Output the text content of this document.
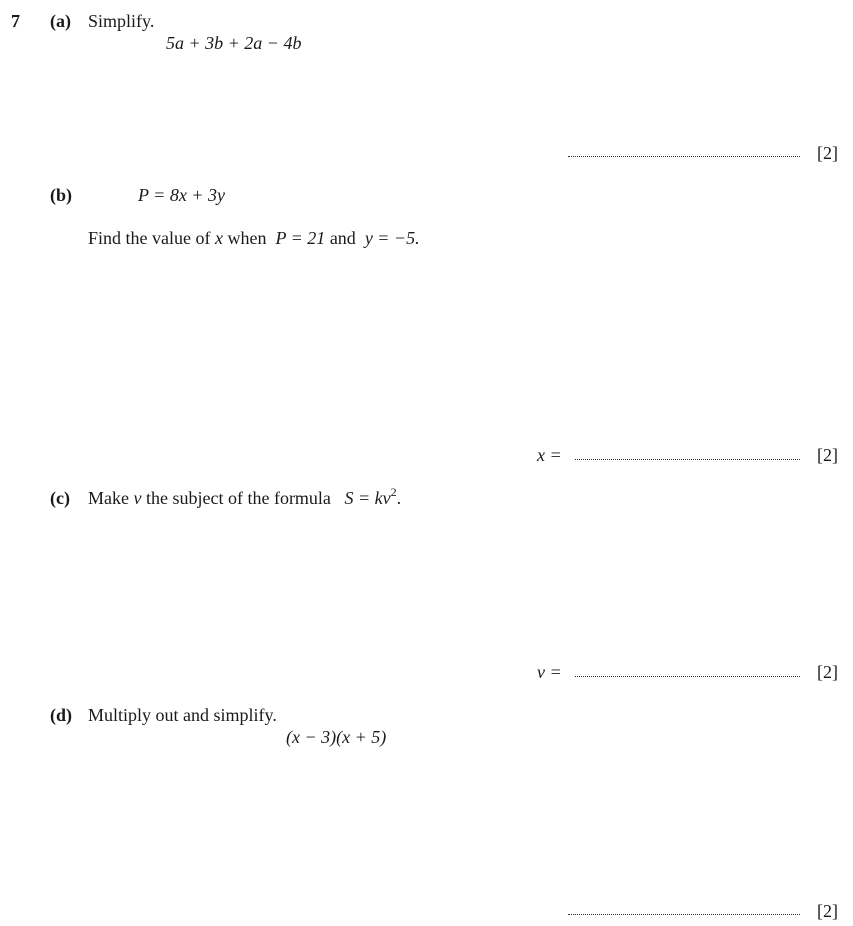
7 (a) Simplify.
5a + 3b + 2a − 4b
[2]
(b)	P = 8x + 3y
Find the value of x when P = 21 and y = −5.
x =	[2]
(c) Make v the subject of the formula $S = kv^2$.
v =	[2]
(d) Multiply out and simplify.
(x − 3)(x + 5)
[2]
